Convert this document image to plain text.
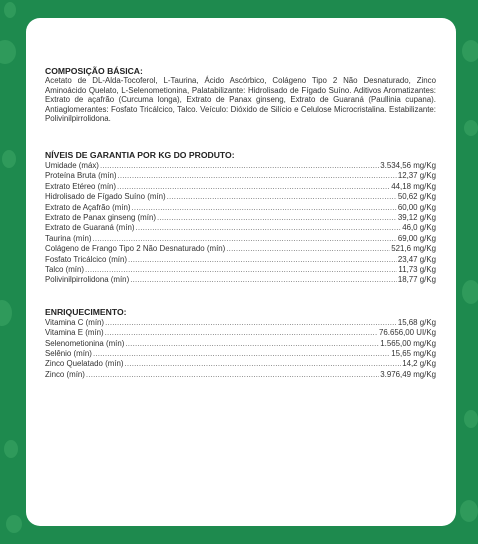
COMPOSIÇÃO BÁSICA:

Acetato de DL-Alda-Tocoferol, L-Taurina, Ácido Ascórbico, Colágeno Tipo 2 Não Desnaturado, Zinco Aminoácido Quelato, L-Selenometionina, Palatabilizante: Hidrolisado de Fígado Suíno. Aditivos Aromatizantes: Extrato de açafrão (Curcuma longa), Extrato de Panax ginseng, Extrato de Guaraná (Paullinia cupana). Antiaglomerantes: Fosfato Tricálcico, Talco. Veículo: Dióxido de Silício e Celulose Microcristalina. Estabilizante: Polivinilpirrolidona.

NÍVEIS DE GARANTIA POR KG DO PRODUTO:

Umidade (máx) .....	3.534,56 mg/Kg
Proteína Bruta (mín) .....	12,37 g/Kg
Extrato Etéreo (mín) .....	44,18 mg/Kg
Hidrolisado de Fígado Suíno (mín) .....	50,62 g/Kg
Extrato de Açafrão (mín) .....	60,00 g/Kg
Extrato de Panax ginseng (mín) .....	39,12 g/Kg
Extrato de Guaraná (mín) .....	46,0 g/Kg
Taurina (mín) .....	69,00 g/Kg
Colágeno de Frango Tipo 2 Não Desnaturado (mín) .....	521,6 mg/Kg
Fosfato Tricálcico (mín) .....	23,47 g/Kg
Talco (mín) .....	11,73 g/Kg
Polivinilpirrolidona (mín) .....	18,77 g/Kg

ENRIQUECIMENTO:

Vitamina C (mín) .....	15,68 g/Kg
Vitamina E (mín) .....	76.656,00 UI/Kg
Selenometionina (mín) .....	1.565,00 mg/Kg
Selênio (mín) .....	15,65 mg/Kg
Zinco Quelatado (mín) .....	14,2 g/Kg
Zinco (mín) .....	3.976,49 mg/Kg
